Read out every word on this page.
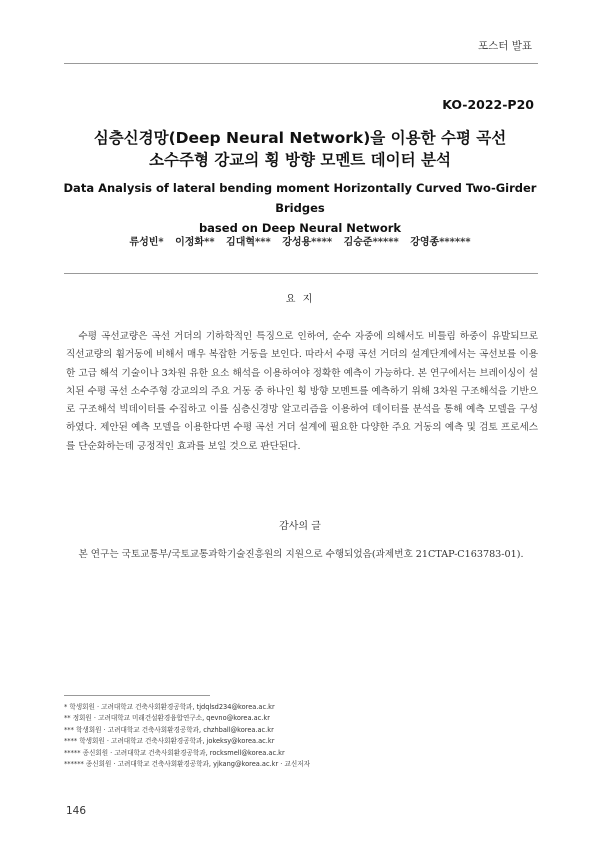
포스터 발표
KO-2022-P20
심층신경망(Deep Neural Network)을 이용한 수평 곡선
소수주형 강교의 횡 방향 모멘트 데이터 분석
Data Analysis of lateral bending moment Horizontally Curved Two-Girder Bridges
based on Deep Neural Network
류성빈* 이정화** 김대혁*** 강성용**** 김승준***** 강영종******
요 지
수평 곡선교량은 곡선 거더의 기하학적인 특징으로 인하여, 순수 자중에 의해서도 비틀림 하중이 유발되므로 직선교량의 휨거동에 비해서 매우 복잡한 거동을 보인다. 따라서 수평 곡선 거더의 설계단계에서는 곡선보를 이용한 고급 해석 기술이나 3차원 유한 요소 해석을 이용하여야 정확한 예측이 가능하다. 본 연구에서는 브레이싱이 설치된 수평 곡선 소수주형 강교의의 주요 거동 중 하나인 횡 방향 모멘트를 예측하기 위해 3차원 구조해석을 기반으로 구조해석 빅데이터를 수집하고 이를 심층신경망 알고리즘을 이용하여 데이터를 분석을 통해 예측 모델을 구성하였다. 제안된 예측 모델을 이용한다면 수평 곡선 거더 설계에 필요한 다양한 주요 거동의 예측 및 검토 프로세스를 단순화하는데 긍정적인 효과를 보일 것으로 판단된다.
감사의 글
본 연구는 국토교통부/국토교통과학기술진흥원의 지원으로 수행되었음(과제번호 21CTAP-C163783-01).
* 학생회원 · 고려대학교 건축사회환경공학과, tjdqlsd234@korea.ac.kr
** 정회원 · 고려대학교 미래건설환경융합연구소, qevno@korea.ac.kr
*** 학생회원 · 고려대학교 건축사회환경공학과, chzhball@korea.ac.kr
**** 학생회원 · 고려대학교 건축사회환경공학과, jokeksy@korea.ac.kr
***** 종신회원 · 고려대학교 건축사회환경공학과, rocksmell@korea.ac.kr
****** 종신회원 · 고려대학교 건축사회환경공학과, yjkang@korea.ac.kr · 교신저자
146
